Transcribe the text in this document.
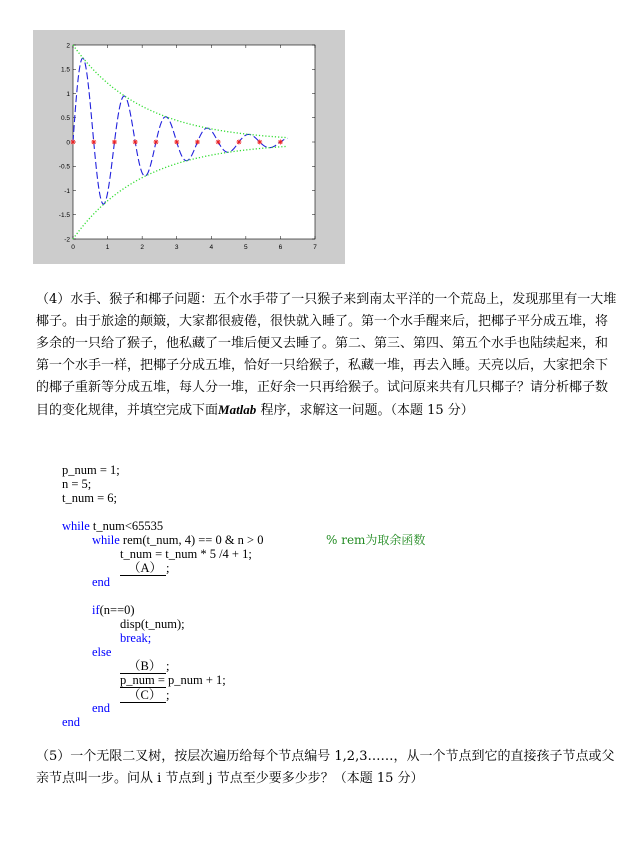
0	1	2	3	4	5	6	7
2
1.5
1
0.5
0
-0.5
-1
-1.5
-2
（4）水手、猴子和椰子问题：五个水手带了一只猴子来到南太平洋的一个荒岛上，发现那里有一大堆椰子。由于旅途的颠簸，大家都很疲倦，很快就入睡了。第一个水手醒来后，把椰子平分成五堆，将多余的一只给了猴子，他私藏了一堆后便又去睡了。第二、第三、第四、第五个水手也陆续起来，和第一个水手一样，把椰子分成五堆，恰好一只给猴子，私藏一堆，再去入睡。天亮以后，大家把余下的椰子重新等分成五堆，每人分一堆，正好余一只再给猴子。试问原来共有几只椰子？请分析椰子数目的变化规律，并填空完成下面Matlab 程序，求解这一问题。（本题 15 分）
p_num = 1;
n = 5;
t_num = 6;
while t_num<65535
while rem(t_num, 4) == 0 & n > 0	% rem为取余函数
t_num = t_num * 5 /4 + 1;
（A） ;
end
if(n==0)
disp(t_num);
break;
else
（B） ;
p_num = p_num + 1;
（C） ;
end
end
（5）一个无限二叉树，按层次遍历给每个节点编号 1,2,3……，从一个节点到它的直接孩子节点或父亲节点叫一步。问从 i 节点到 j 节点至少要多少步？（本题 15 分）
